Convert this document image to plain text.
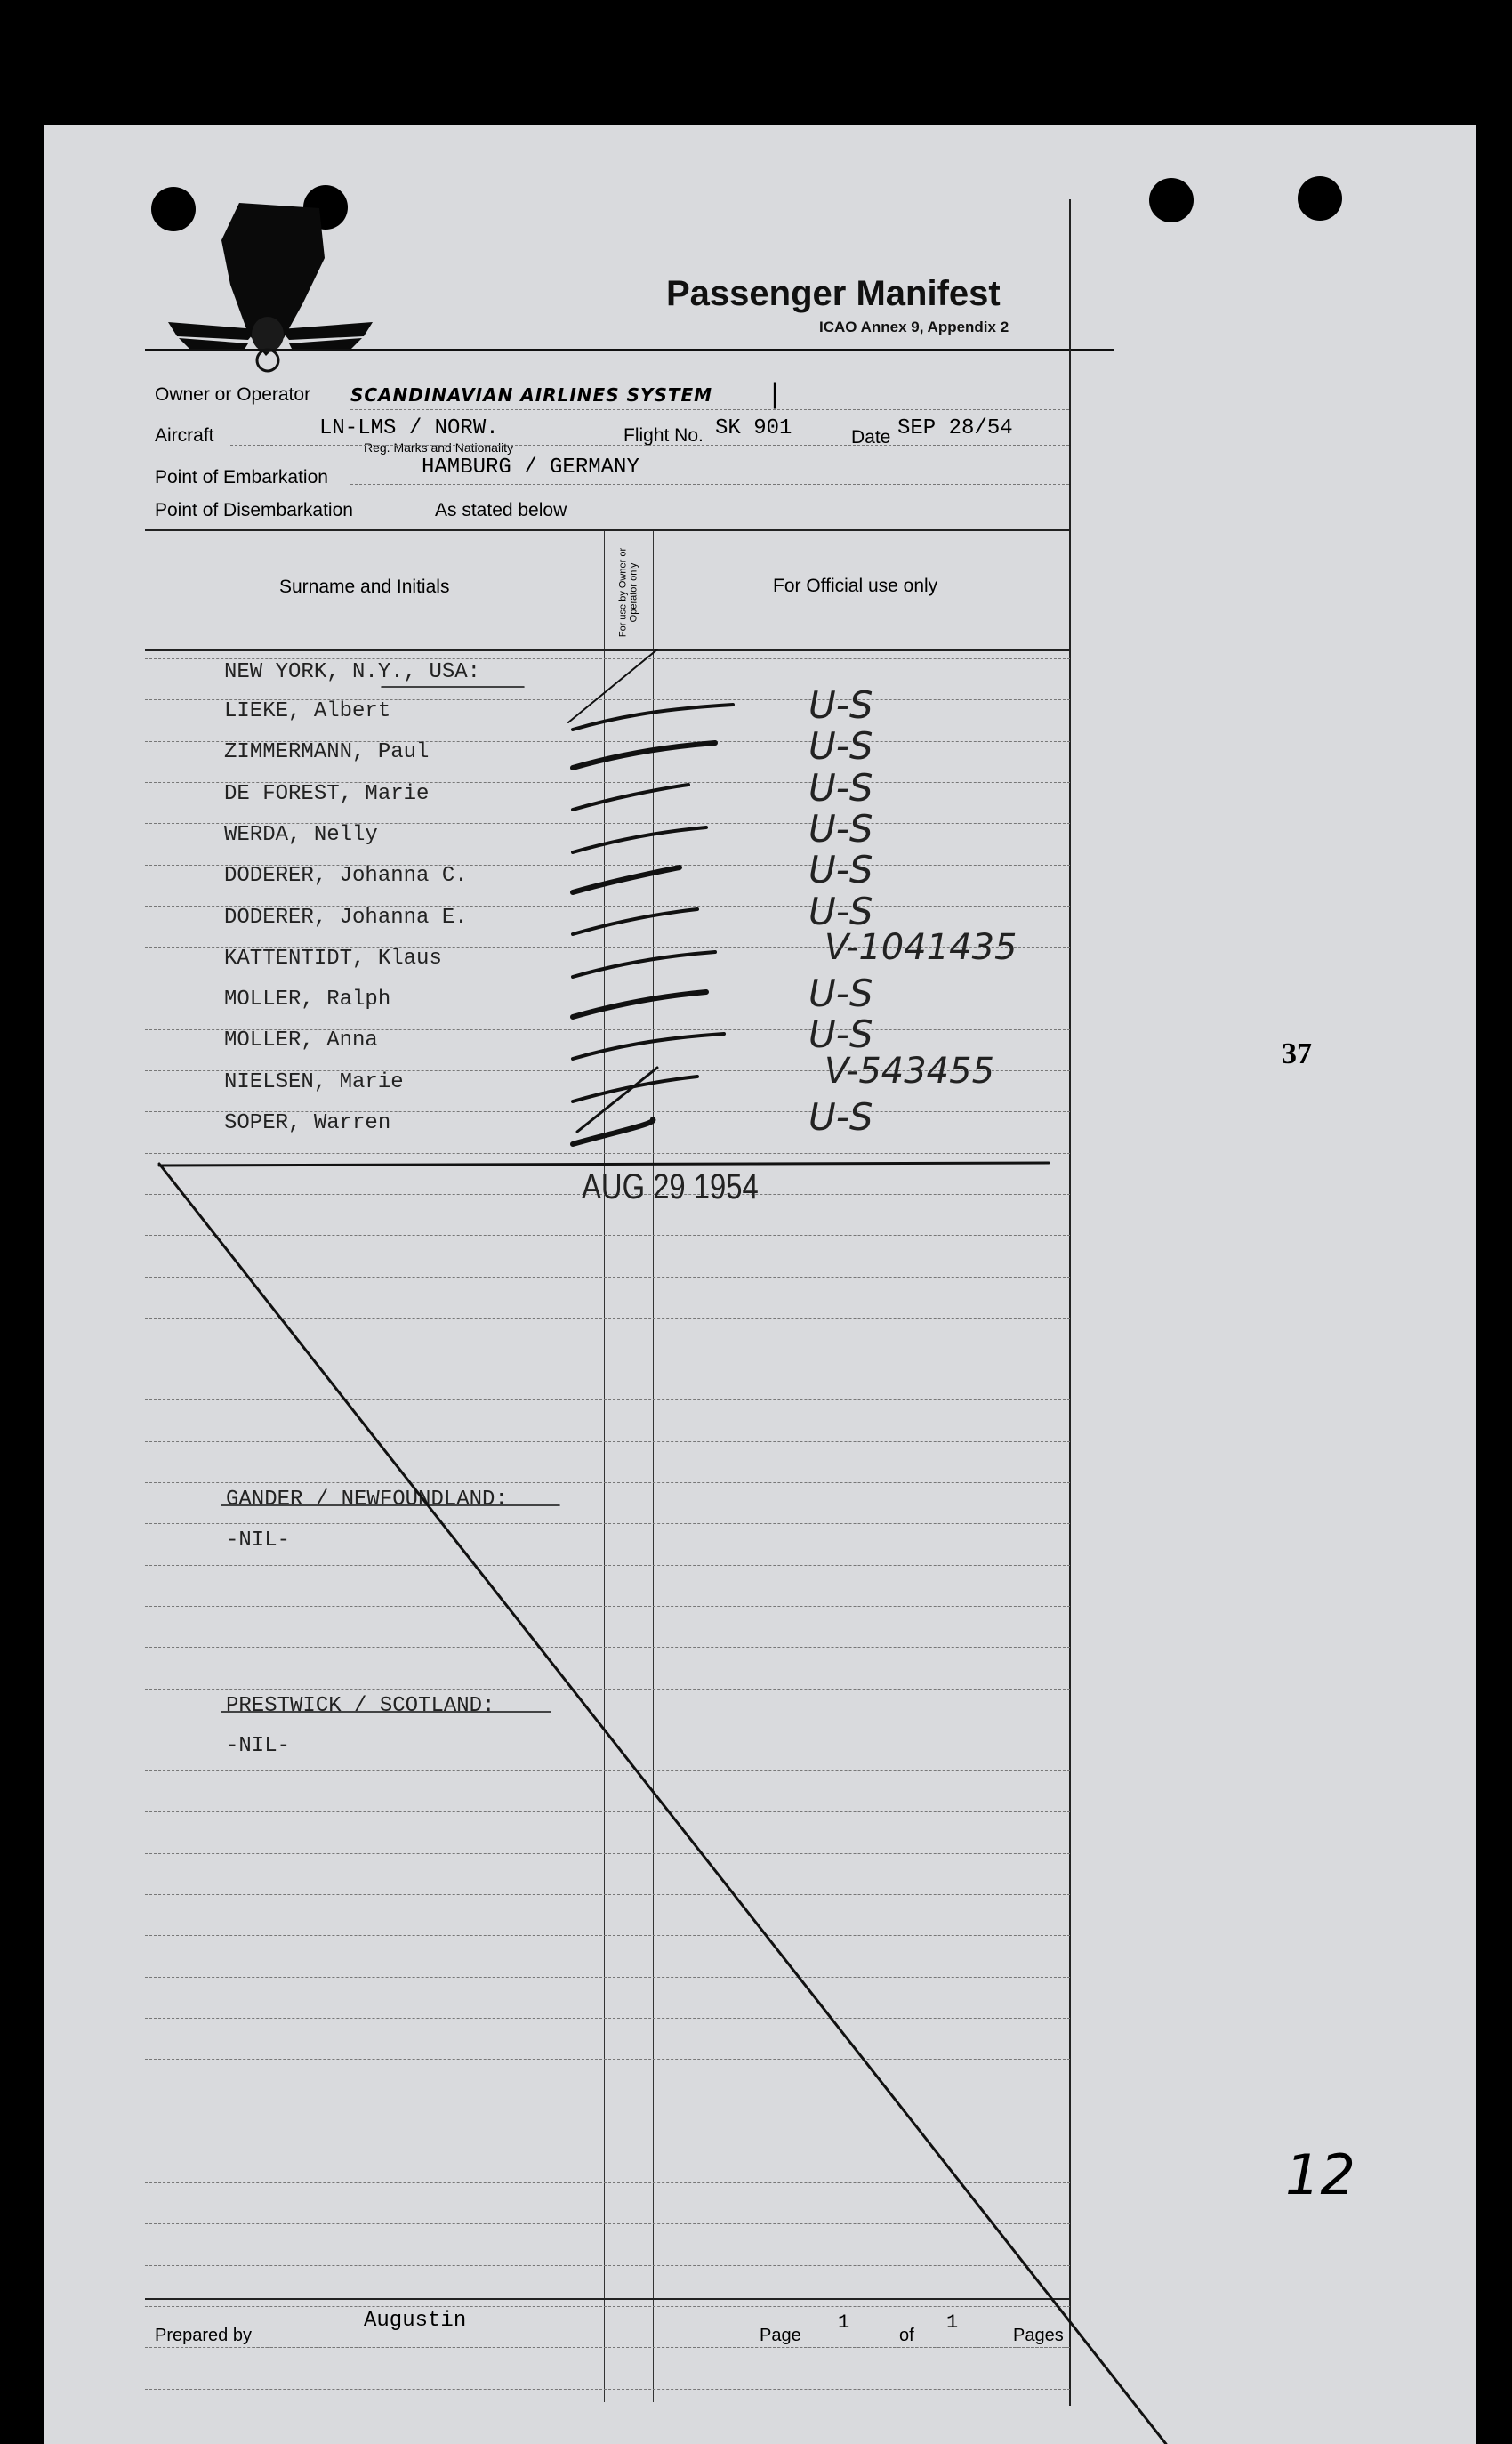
Passenger Manifest
ICAO Annex 9, Appendix 2
Owner or Operator SCANDINAVIAN AIRLINES SYSTEM |
Aircraft	LN-LMS / NORW.
Reg. Marks and Nationality
Flight No. SK 901	Date SEP 28/54
Point of Embarkation	HAMBURG / GERMANY
Point of Disembarkation	As stated below
Surname and Initials	For use by Owner or Operator only	For Official use only
NEW YORK, N.Y., USA:
LIEKE, Albert	U-S
ZIMMERMANN, Paul	U-S
DE FOREST, Marie	U-S
WERDA, Nelly	U-S
DODERER, Johanna C.	U-S
DODERER, Johanna E.	U-S
KATTENTIDT, Klaus	V-1041435
MOLLER, Ralph	U-S
MOLLER, Anna	U-S
NIELSEN, Marie	V-543455
SOPER, Warren	U-S
GANDER / NEWFOUNDLAND:
-NIL-
PRESTWICK / SCOTLAND:
-NIL-
AUG 29 1954
37
12
Prepared by
Augustin
Page
1
of
1
Pages
